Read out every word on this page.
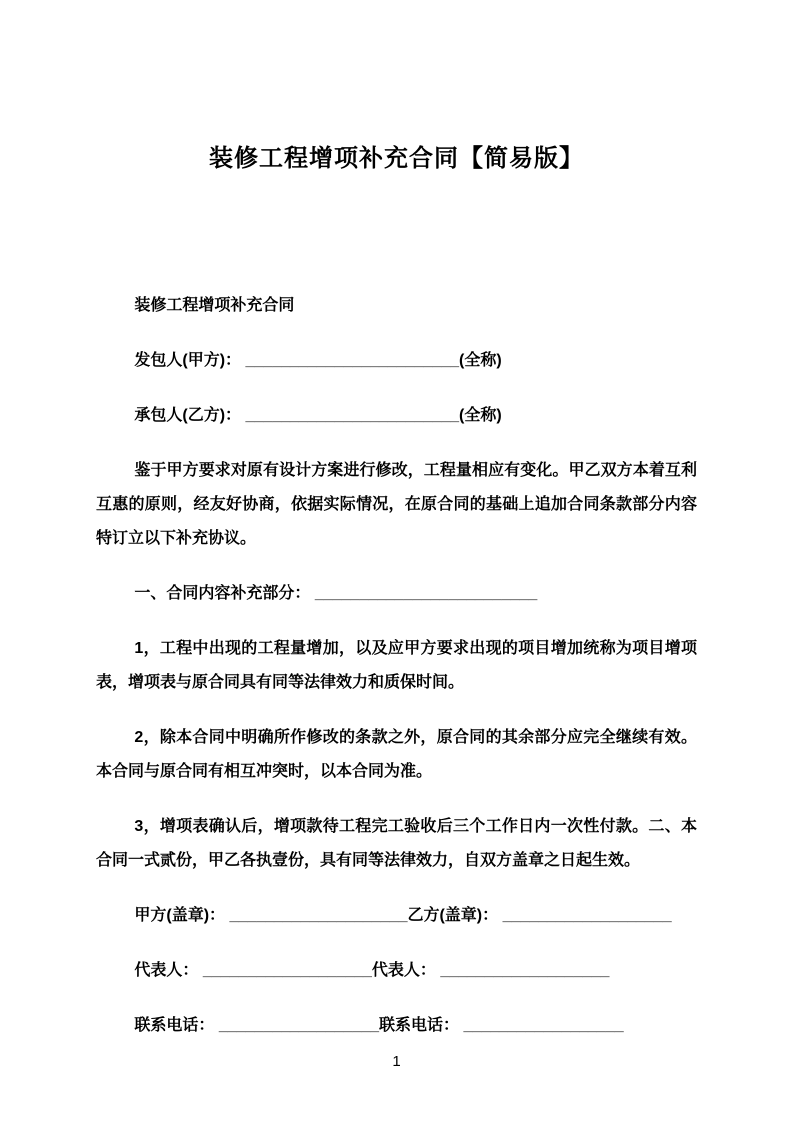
装修工程增项补充合同【简易版】

装修工程增项补充合同

发包人(甲方)： ________________________(全称)

承包人(乙方)： ________________________(全称)

鉴于甲方要求对原有设计方案进行修改，工程量相应有变化。甲乙双方本着互利互惠的原则，经友好协商，依据实际情况，在原合同的基础上追加合同条款部分内容特订立以下补充协议。

一、合同内容补充部分： _________________________

1，工程中出现的工程量增加，以及应甲方要求出现的项目增加统称为项目增项表，增项表与原合同具有同等法律效力和质保时间。

2，除本合同中明确所作修改的条款之外，原合同的其余部分应完全继续有效。本合同与原合同有相互冲突时，以本合同为准。

3，增项表确认后，增项款待工程完工验收后三个工作日内一次性付款。二、本合同一式贰份，甲乙各执壹份，具有同等法律效力，自双方盖章之日起生效。

甲方(盖章)： ____________________乙方(盖章)： ___________________

代表人： ___________________代表人： ___________________

联系电话： __________________联系电话： __________________

1
